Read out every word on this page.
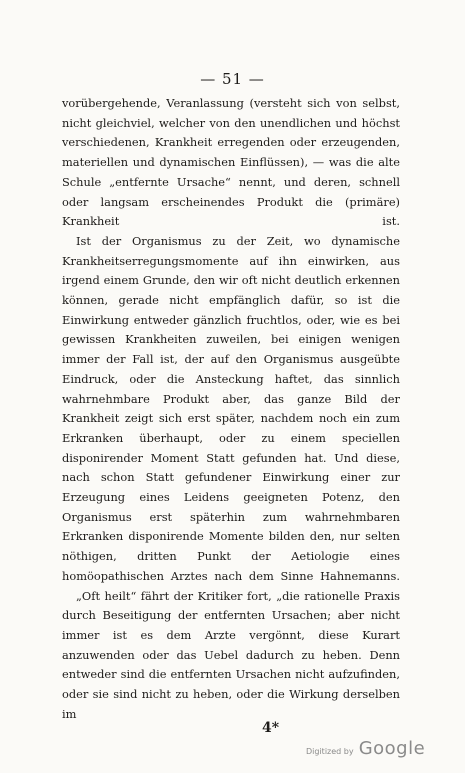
— 51 —

vorübergehende, Veranlassung (versteht sich von selbst, nicht gleichviel, welcher von den unendlichen und höchst verschiedenen, Krankheit erregenden oder erzeugenden, materiellen und dynamischen Einflüssen), — was die alte Schule „entfernte Ursache“ nennt, und deren, schnell oder langsam erscheinendes Produkt die (primäre) Krankheit ist.

Ist der Organismus zu der Zeit, wo dynamische Krankheitserregungsmomente auf ihn einwirken, aus irgend einem Grunde, den wir oft nicht deutlich erkennen können, gerade nicht empfänglich dafür, so ist die Einwirkung entweder gänzlich fruchtlos, oder, wie es bei gewissen Krankheiten zuweilen, bei einigen wenigen immer der Fall ist, der auf den Organismus ausgeübte Eindruck, oder die Ansteckung haftet, das sinnlich wahrnehmbare Produkt aber, das ganze Bild der Krankheit zeigt sich erst später, nachdem noch ein zum Erkranken überhaupt, oder zu einem speciellen disponirender Moment Statt gefunden hat. Und diese, nach schon Statt gefundener Einwirkung einer zur Erzeugung eines Leidens geeigneten Potenz, den Organismus erst späterhin zum wahrnehmbaren Erkranken disponirende Momente bilden den, nur selten nöthigen, dritten Punkt der Aetiologie eines homöopathischen Arztes nach dem Sinne Hahnemanns.

„Oft heilt“ fährt der Kritiker fort, „die rationelle Praxis durch Beseitigung der entfernten Ursachen; aber nicht immer ist es dem Arzte vergönnt, diese Kurart anzuwenden oder das Uebel dadurch zu heben. Denn entweder sind die entfernten Ursachen nicht aufzufinden, oder sie sind nicht zu heben, oder die Wirkung derselben im

4*
Digitized by Google
